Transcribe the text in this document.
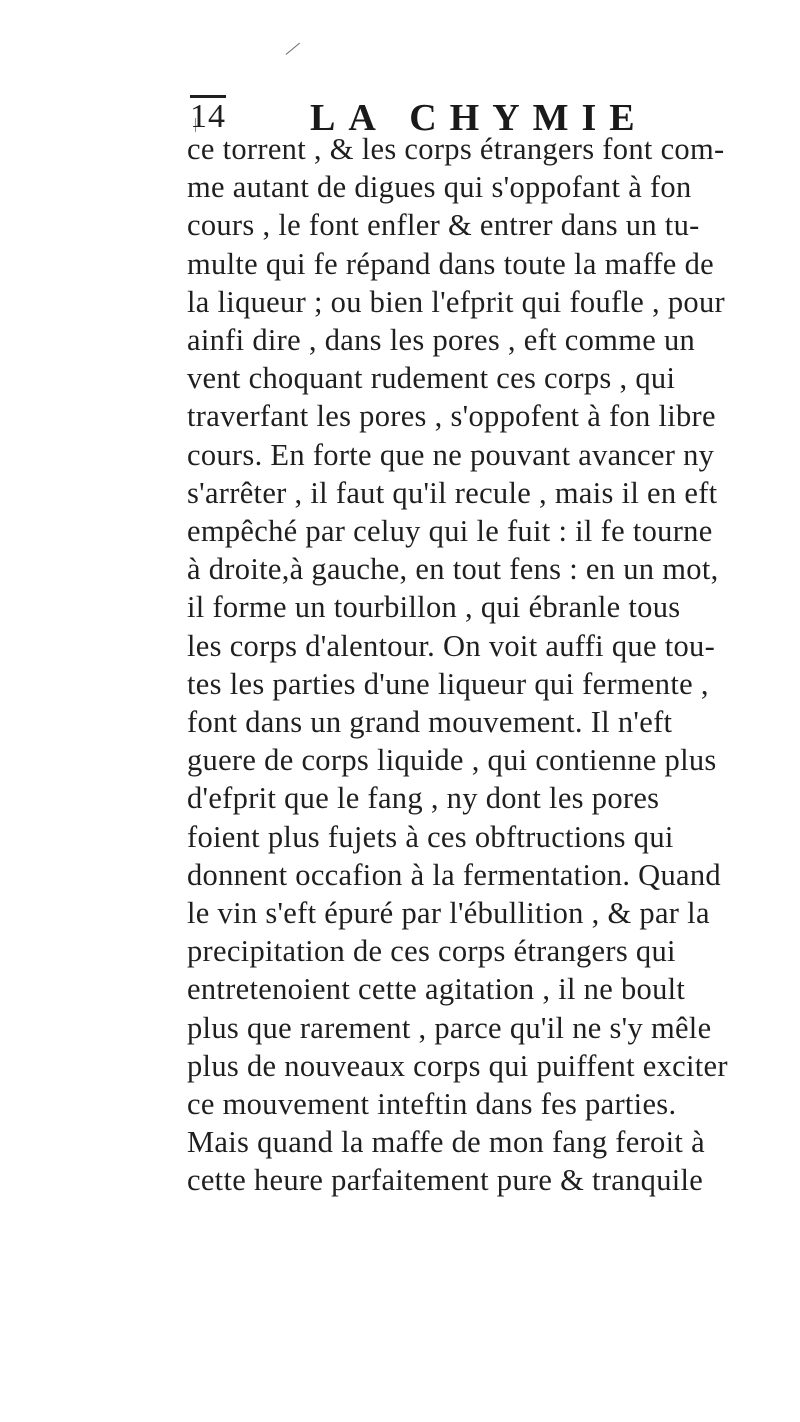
14 LA CHYMIE
ce torrent , & les corps étrangers font com-
me autant de digues qui s'oppofant à fon
cours , le font enfler & entrer dans un tu-
multe qui fe répand dans toute la maffe de
la liqueur ; ou bien l'efprit qui foufle , pour
ainfi dire , dans les pores , eft comme un
vent choquant rudement ces corps , qui
traverfant les pores , s'oppofent à fon libre
cours. En forte que ne pouvant avancer ny
s'arrêter , il faut qu'il recule , mais il en eft
empêché par celuy qui le fuit : il fe tourne
à droite,à gauche, en tout fens : en un mot,
il forme un tourbillon , qui ébranle tous
les corps d'alentour. On voit auffi que tou-
tes les parties d'une liqueur qui fermente ,
font dans un grand mouvement. Il n'eft
guere de corps liquide , qui contienne plus
d'efprit que le fang , ny dont les pores
foient plus fujets à ces obftructions qui
donnent occafion à la fermentation. Quand
le vin s'eft épuré par l'ébullition , & par la
precipitation de ces corps étrangers qui
entretenoient cette agitation , il ne boult
plus que rarement , parce qu'il ne s'y mêle
plus de nouveaux corps qui puiffent exciter
ce mouvement inteftin dans fes parties.
Mais quand la maffe de mon fang feroit à
cette heure parfaitement pure & tranquile
